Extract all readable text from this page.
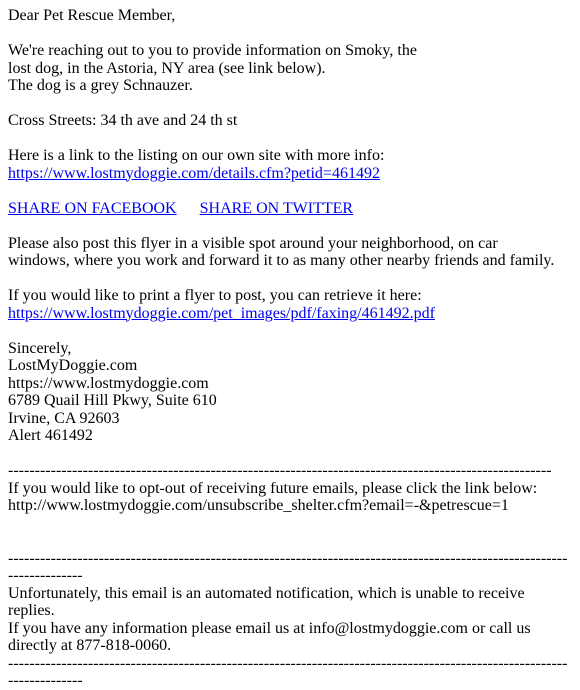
Dear Pet Rescue Member,

We're reaching out to you to provide information on Smoky, the

lost dog, in the Astoria, NY area (see link below).

The dog is a grey Schnauzer.

Cross Streets: 34 th ave and 24 th st

Here is a link to the listing on our own site with more info:

https://www.lostmydoggie.com/details.cfm?petid=461492

SHARE ON FACEBOOK SHARE ON TWITTER

Please also post this flyer in a visible spot around your neighborhood, on car

windows, where you work and forward it to as many other nearby friends and family.

If you would like to print a flyer to post, you can retrieve it here:

https://www.lostmydoggie.com/pet_images/pdf/faxing/461492.pdf

Sincerely,

LostMyDoggie.com

https://www.lostmydoggie.com

6789 Quail Hill Pkwy, Suite 610

Irvine, CA 92603

Alert 461492

------------------------------------------------------------------------------------------------------

If you would like to opt-out of receiving future emails, please click the link below:

http://www.lostmydoggie.com/unsubscribe_shelter.cfm?email=-&petrescue=1

-----------------------------------------------------------------------------------------------------------------------

Unfortunately, this email is an automated notification, which is unable to receive replies.

If you have any information please email us at info@lostmydoggie.com or call us directly at 877-818-0060.

-----------------------------------------------------------------------------------------------------------------------
